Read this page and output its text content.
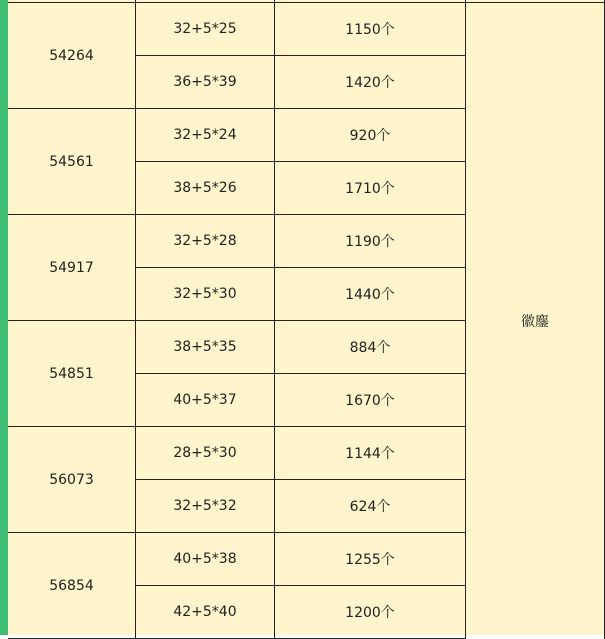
54264
32+5*25	1150个
36+5*39	1420个
54561
32+5*24	920个
38+5*26	1710个
54917
32+5*28	1190个
32+5*30	1440个
54851
38+5*35	884个
40+5*37	1670个
56073
28+5*30	1144个
32+5*32	624个
56854
40+5*38	1255个
42+5*40	1200个
徽鏖
